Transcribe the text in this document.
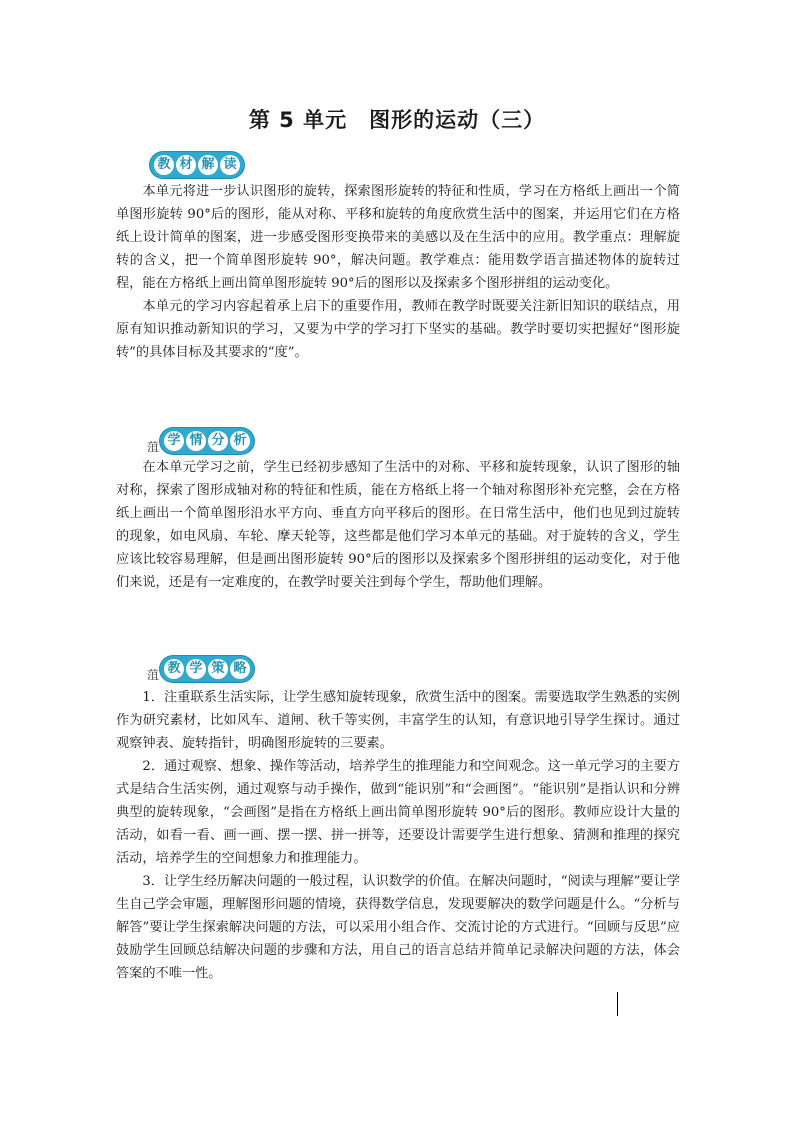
第 5 单元　图形的运动（三）
教 材 解 读

本单元将进一步认识图形的旋转，探索图形旋转的特征和性质，学习在方格纸上画出一个简单图形旋转 90°后的图形，能从对称、平移和旋转的角度欣赏生活中的图案，并运用它们在方格纸上设计简单的图案，进一步感受图形变换带来的美感以及在生活中的应用。教学重点：理解旋转的含义，把一个简单图形旋转 90°，解决问题。教学难点：能用数学语言描述物体的旋转过程，能在方格纸上画出简单图形旋转 90°后的图形以及探索多个图形拼组的运动变化。

本单元的学习内容起着承上启下的重要作用，教师在教学时既要关注新旧知识的联结点，用原有知识推动新知识的学习，又要为中学的学习打下坚实的基础。教学时要切实把握好“图形旋转”的具体目标及其要求的“度”。

菹 学 情 分 析

在本单元学习之前，学生已经初步感知了生活中的对称、平移和旋转现象，认识了图形的轴对称，探索了图形成轴对称的特征和性质，能在方格纸上将一个轴对称图形补充完整，会在方格纸上画出一个简单图形沿水平方向、垂直方向平移后的图形。在日常生活中，他们也见到过旋转的现象，如电风扇、车轮、摩天轮等，这些都是他们学习本单元的基础。对于旋转的含义，学生应该比较容易理解，但是画出图形旋转 90°后的图形以及探索多个图形拼组的运动变化，对于他们来说，还是有一定难度的，在教学时要关注到每个学生，帮助他们理解。

菹 教 学 策 略

1．注重联系生活实际，让学生感知旋转现象，欣赏生活中的图案。需要选取学生熟悉的实例作为研究素材，比如风车、道闸、秋千等实例，丰富学生的认知，有意识地引导学生探讨。通过观察钟表、旋转指针，明确图形旋转的三要素。

2．通过观察、想象、操作等活动，培养学生的推理能力和空间观念。这一单元学习的主要方式是结合生活实例，通过观察与动手操作，做到“能识别”和“会画图”。“能识别”是指认识和分辨典型的旋转现象，“会画图”是指在方格纸上画出简单图形旋转 90°后的图形。教师应设计大量的活动，如看一看、画一画、摆一摆、拼一拼等，还要设计需要学生进行想象、猜测和推理的探究活动，培养学生的空间想象力和推理能力。

3．让学生经历解决问题的一般过程，认识数学的价值。在解决问题时，“阅读与理解”要让学生自己学会审题，理解图形问题的情境，获得数学信息，发现要解决的数学问题是什么。“分析与解答”要让学生探索解决问题的方法，可以采用小组合作、交流讨论的方式进行。“回顾与反思”应鼓励学生回顾总结解决问题的步骤和方法，用自己的语言总结并简单记录解决问题的方法，体会答案的不唯一性。
